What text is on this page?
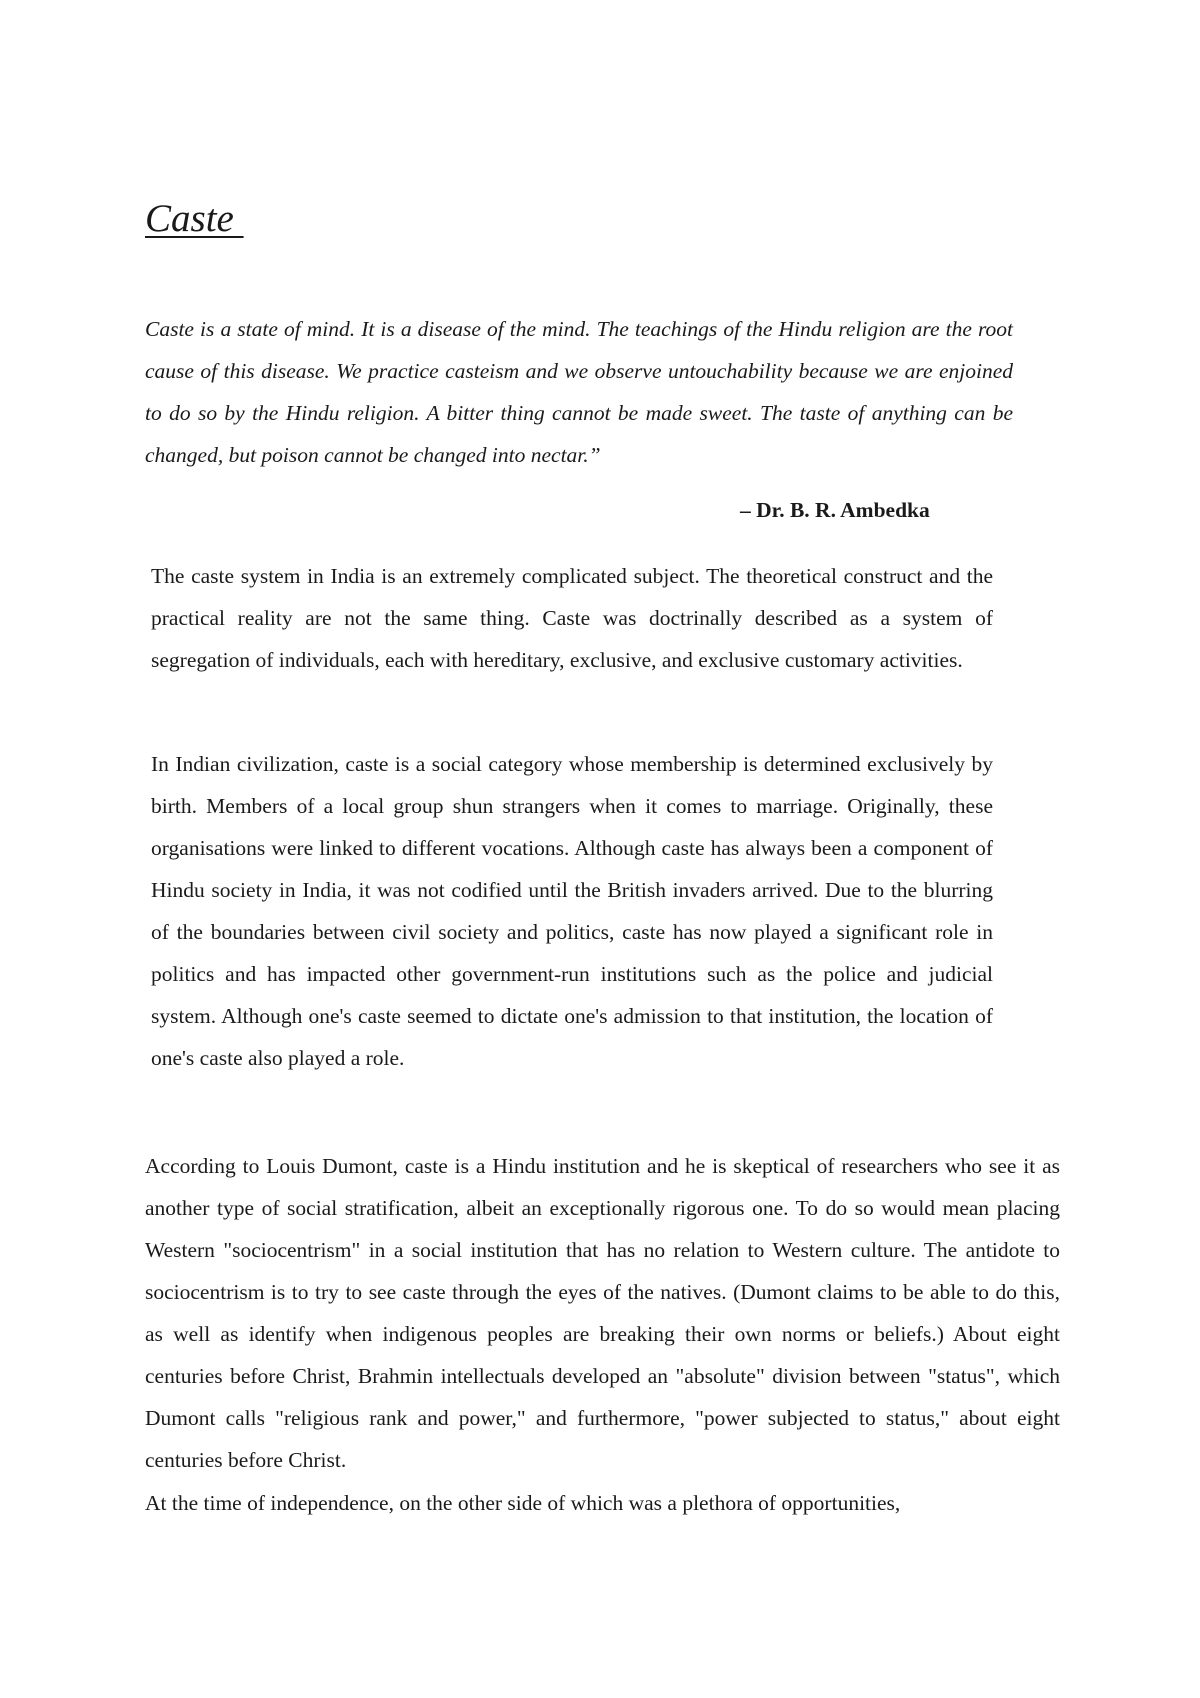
Caste

Caste is a state of mind. It is a disease of the mind. The teachings of the Hindu religion are the root cause of this disease. We practice casteism and we observe untouchability because we are enjoined to do so by the Hindu religion. A bitter thing cannot be made sweet. The taste of anything can be changed, but poison cannot be changed into nectar.”

– Dr. B. R. Ambedka

The caste system in India is an extremely complicated subject. The theoretical construct and the practical reality are not the same thing. Caste was doctrinally described as a system of segregation of individuals, each with hereditary, exclusive, and exclusive customary activities.

In Indian civilization, caste is a social category whose membership is determined exclusively by birth. Members of a local group shun strangers when it comes to marriage. Originally, these organisations were linked to different vocations. Although caste has always been a component of Hindu society in India, it was not codified until the British invaders arrived. Due to the blurring of the boundaries between civil society and politics, caste has now played a significant role in politics and has impacted other government-run institutions such as the police and judicial system. Although one's caste seemed to dictate one's admission to that institution, the location of one's caste also played a role.

According to Louis Dumont, caste is a Hindu institution and he is skeptical of researchers who see it as another type of social stratification, albeit an exceptionally rigorous one. To do so would mean placing Western "sociocentrism" in a social institution that has no relation to Western culture. The antidote to sociocentrism is to try to see caste through the eyes of the natives. (Dumont claims to be able to do this, as well as identify when indigenous peoples are breaking their own norms or beliefs.) About eight centuries before Christ, Brahmin intellectuals developed an "absolute" division between "status", which Dumont calls "religious rank and power," and furthermore, "power subjected to status," about eight centuries before Christ.

At the time of independence, on the other side of which was a plethora of opportunities,
